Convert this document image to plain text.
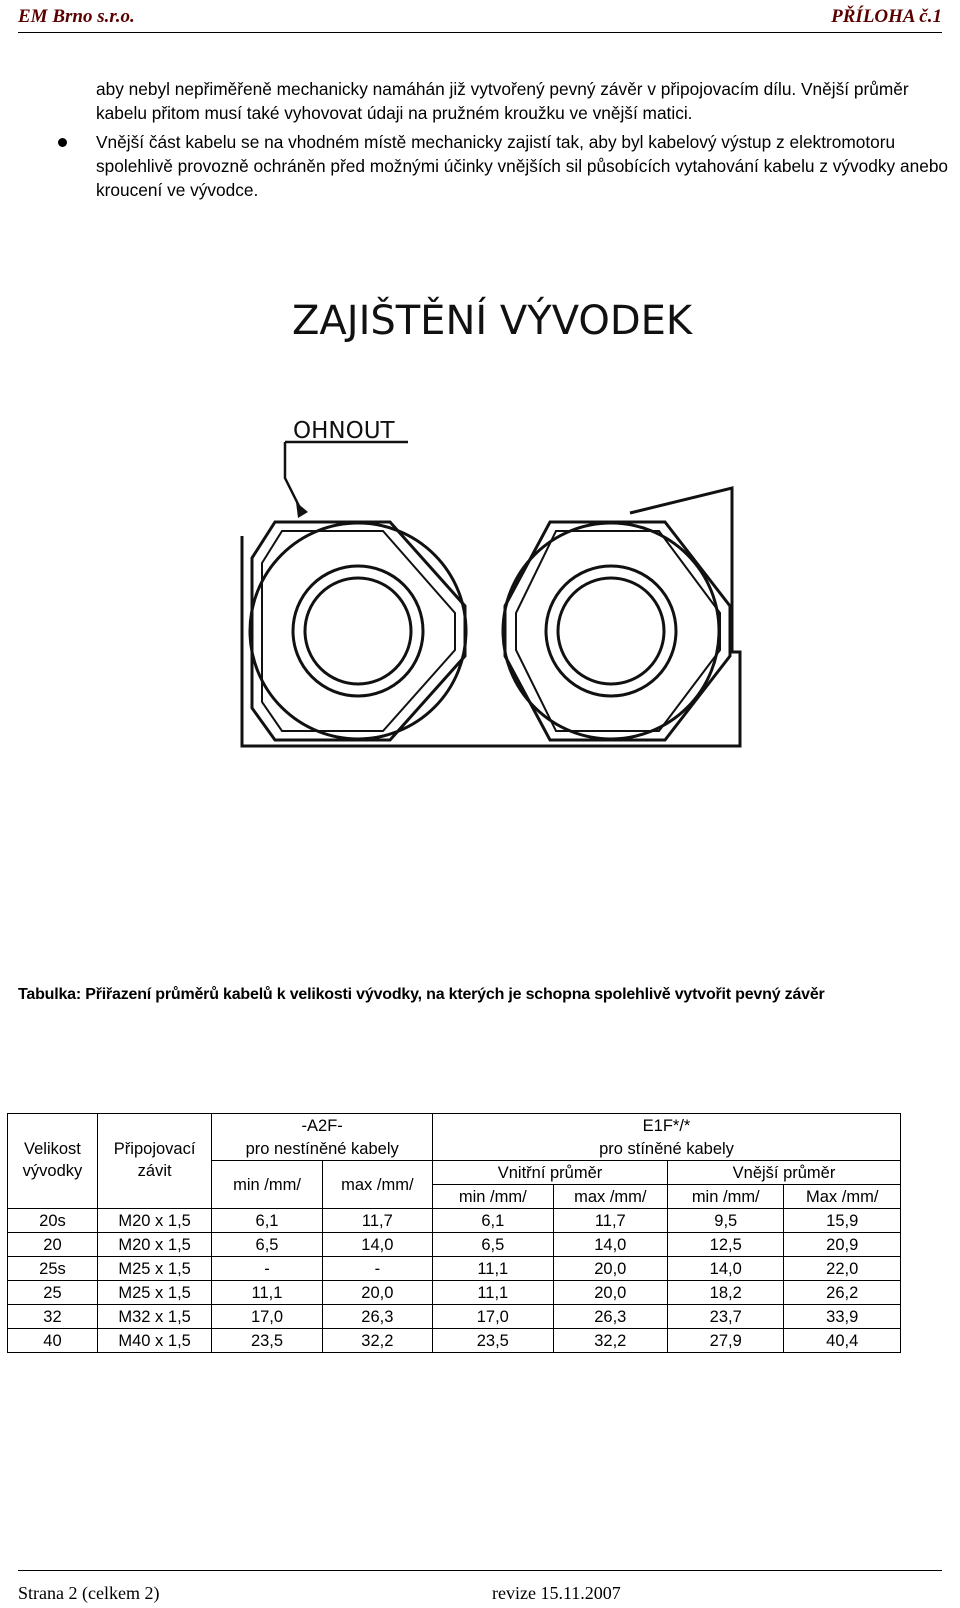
EM Brno s.r.o.	PŘÍLOHA č.1
aby nebyl nepřiměřeně mechanicky namáhán již vytvořený pevný závěr v připojovacím dílu. Vnější průměr kabelu přitom musí také vyhovovat údaji na pružném kroužku ve vnější matici.
Vnější část kabelu se na vhodném místě mechanicky zajistí tak, aby byl kabelový výstup z elektromotoru spolehlivě provozně ochráněn před možnými účinky vnějších sil působících vytahování kabelu z vývodky anebo kroucení ve vývodce.
ZAJIŠTĚNÍ VÝVODEK
OHNOUT
Tabulka: Přiřazení průměrů kabelů k velikosti vývodky, na kterých je schopna spolehlivě vytvořit pevný závěr
Velikost vývodky	Připojovací závit	-A2F-		E1F*/*			
		pro nestíněné kabely		pro stíněné kabely			
		min /mm/	max /mm/	Vnitřní průměr		Vnější průměr	
				min /mm/	max /mm/	min /mm/	Max /mm/
20s	M20 x 1,5	6,1	11,7	6,1	11,7	9,5	15,9
20	M20 x 1,5	6,5	14,0	6,5	14,0	12,5	20,9
25s	M25 x 1,5	-	-	11,1	20,0	14,0	22,0
25	M25 x 1,5	11,1	20,0	11,1	20,0	18,2	26,2
32	M32 x 1,5	17,0	26,3	17,0	26,3	23,7	33,9
40	M40 x 1,5	23,5	32,2	23,5	32,2	27,9	40,4
Strana 2 (celkem 2)	revize 15.11.2007
